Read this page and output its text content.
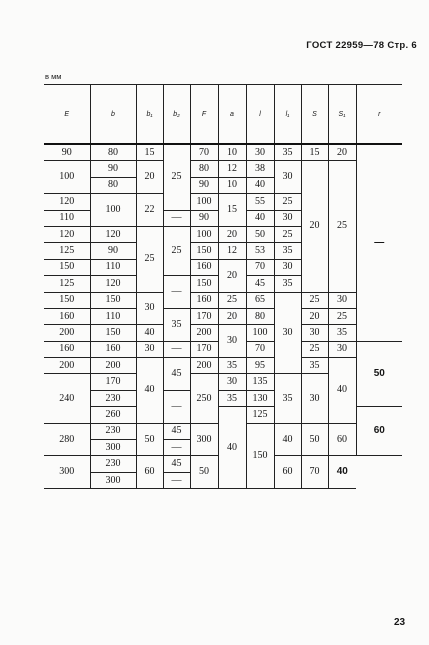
ГОСТ 22959—78 Стр. 6
в мм
E	b	b₁	b₂	F	a	l	l₁	S	S₁	r
90	80	15	25	70	10	30	35	15	20	—
100	90	20		80	12	38	30	20	25	
	80			90	10	40				
120	100	22		100	15	55	25			
110			—	90		40	30			
120	120	25	25	100	20	50	25			
125	90			150	12	53	35			
150	110			160	20	70	30			
125	120		—	150		45	35			
150	150	30		160	25	65	30	25	30	
160	110		35	170	20	80		20	25	
200	150	40		200	30	100		30	35	
160	160	30	—	170		70		25	30	50
200	200	40	45	200	35	95		35	40	
240	170			250	30	135	35	30		
	230		—		35	130				
	260				40	125				60
280	230	50	45	300		150	40	50	60	
	300		—							

300	230	60	45	50			60	70	40	
	300		—							

23
